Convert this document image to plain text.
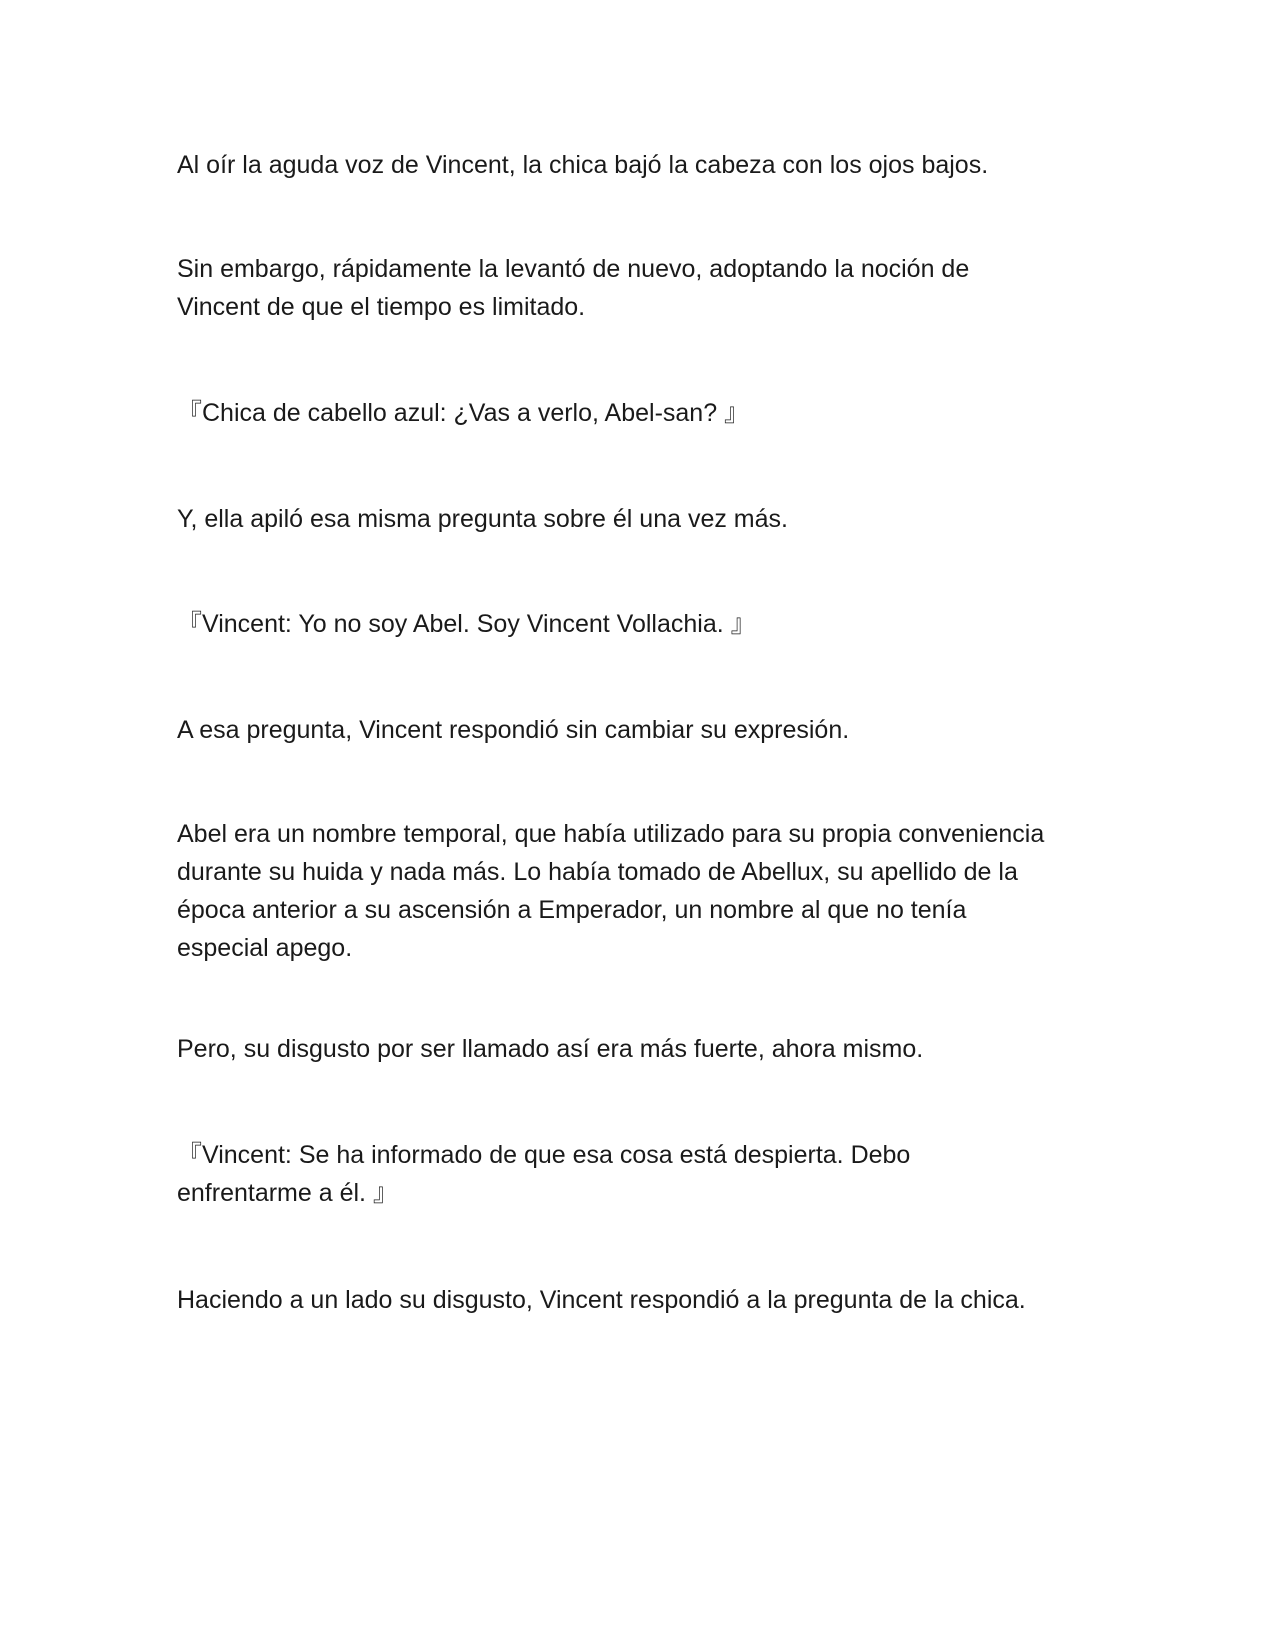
Al oír la aguda voz de Vincent, la chica bajó la cabeza con los ojos bajos.

Sin embargo, rápidamente la levantó de nuevo, adoptando la noción de Vincent de que el tiempo es limitado.

『Chica de cabello azul: ¿Vas a verlo, Abel-san? 』

Y, ella apiló esa misma pregunta sobre él una vez más.

『Vincent: Yo no soy Abel. Soy Vincent Vollachia. 』

A esa pregunta, Vincent respondió sin cambiar su expresión.

Abel era un nombre temporal, que había utilizado para su propia conveniencia durante su huida y nada más. Lo había tomado de Abellux, su apellido de la época anterior a su ascensión a Emperador, un nombre al que no tenía especial apego.

Pero, su disgusto por ser llamado así era más fuerte, ahora mismo.

『Vincent: Se ha informado de que esa cosa está despierta. Debo enfrentarme a él. 』

Haciendo a un lado su disgusto, Vincent respondió a la pregunta de la chica.
